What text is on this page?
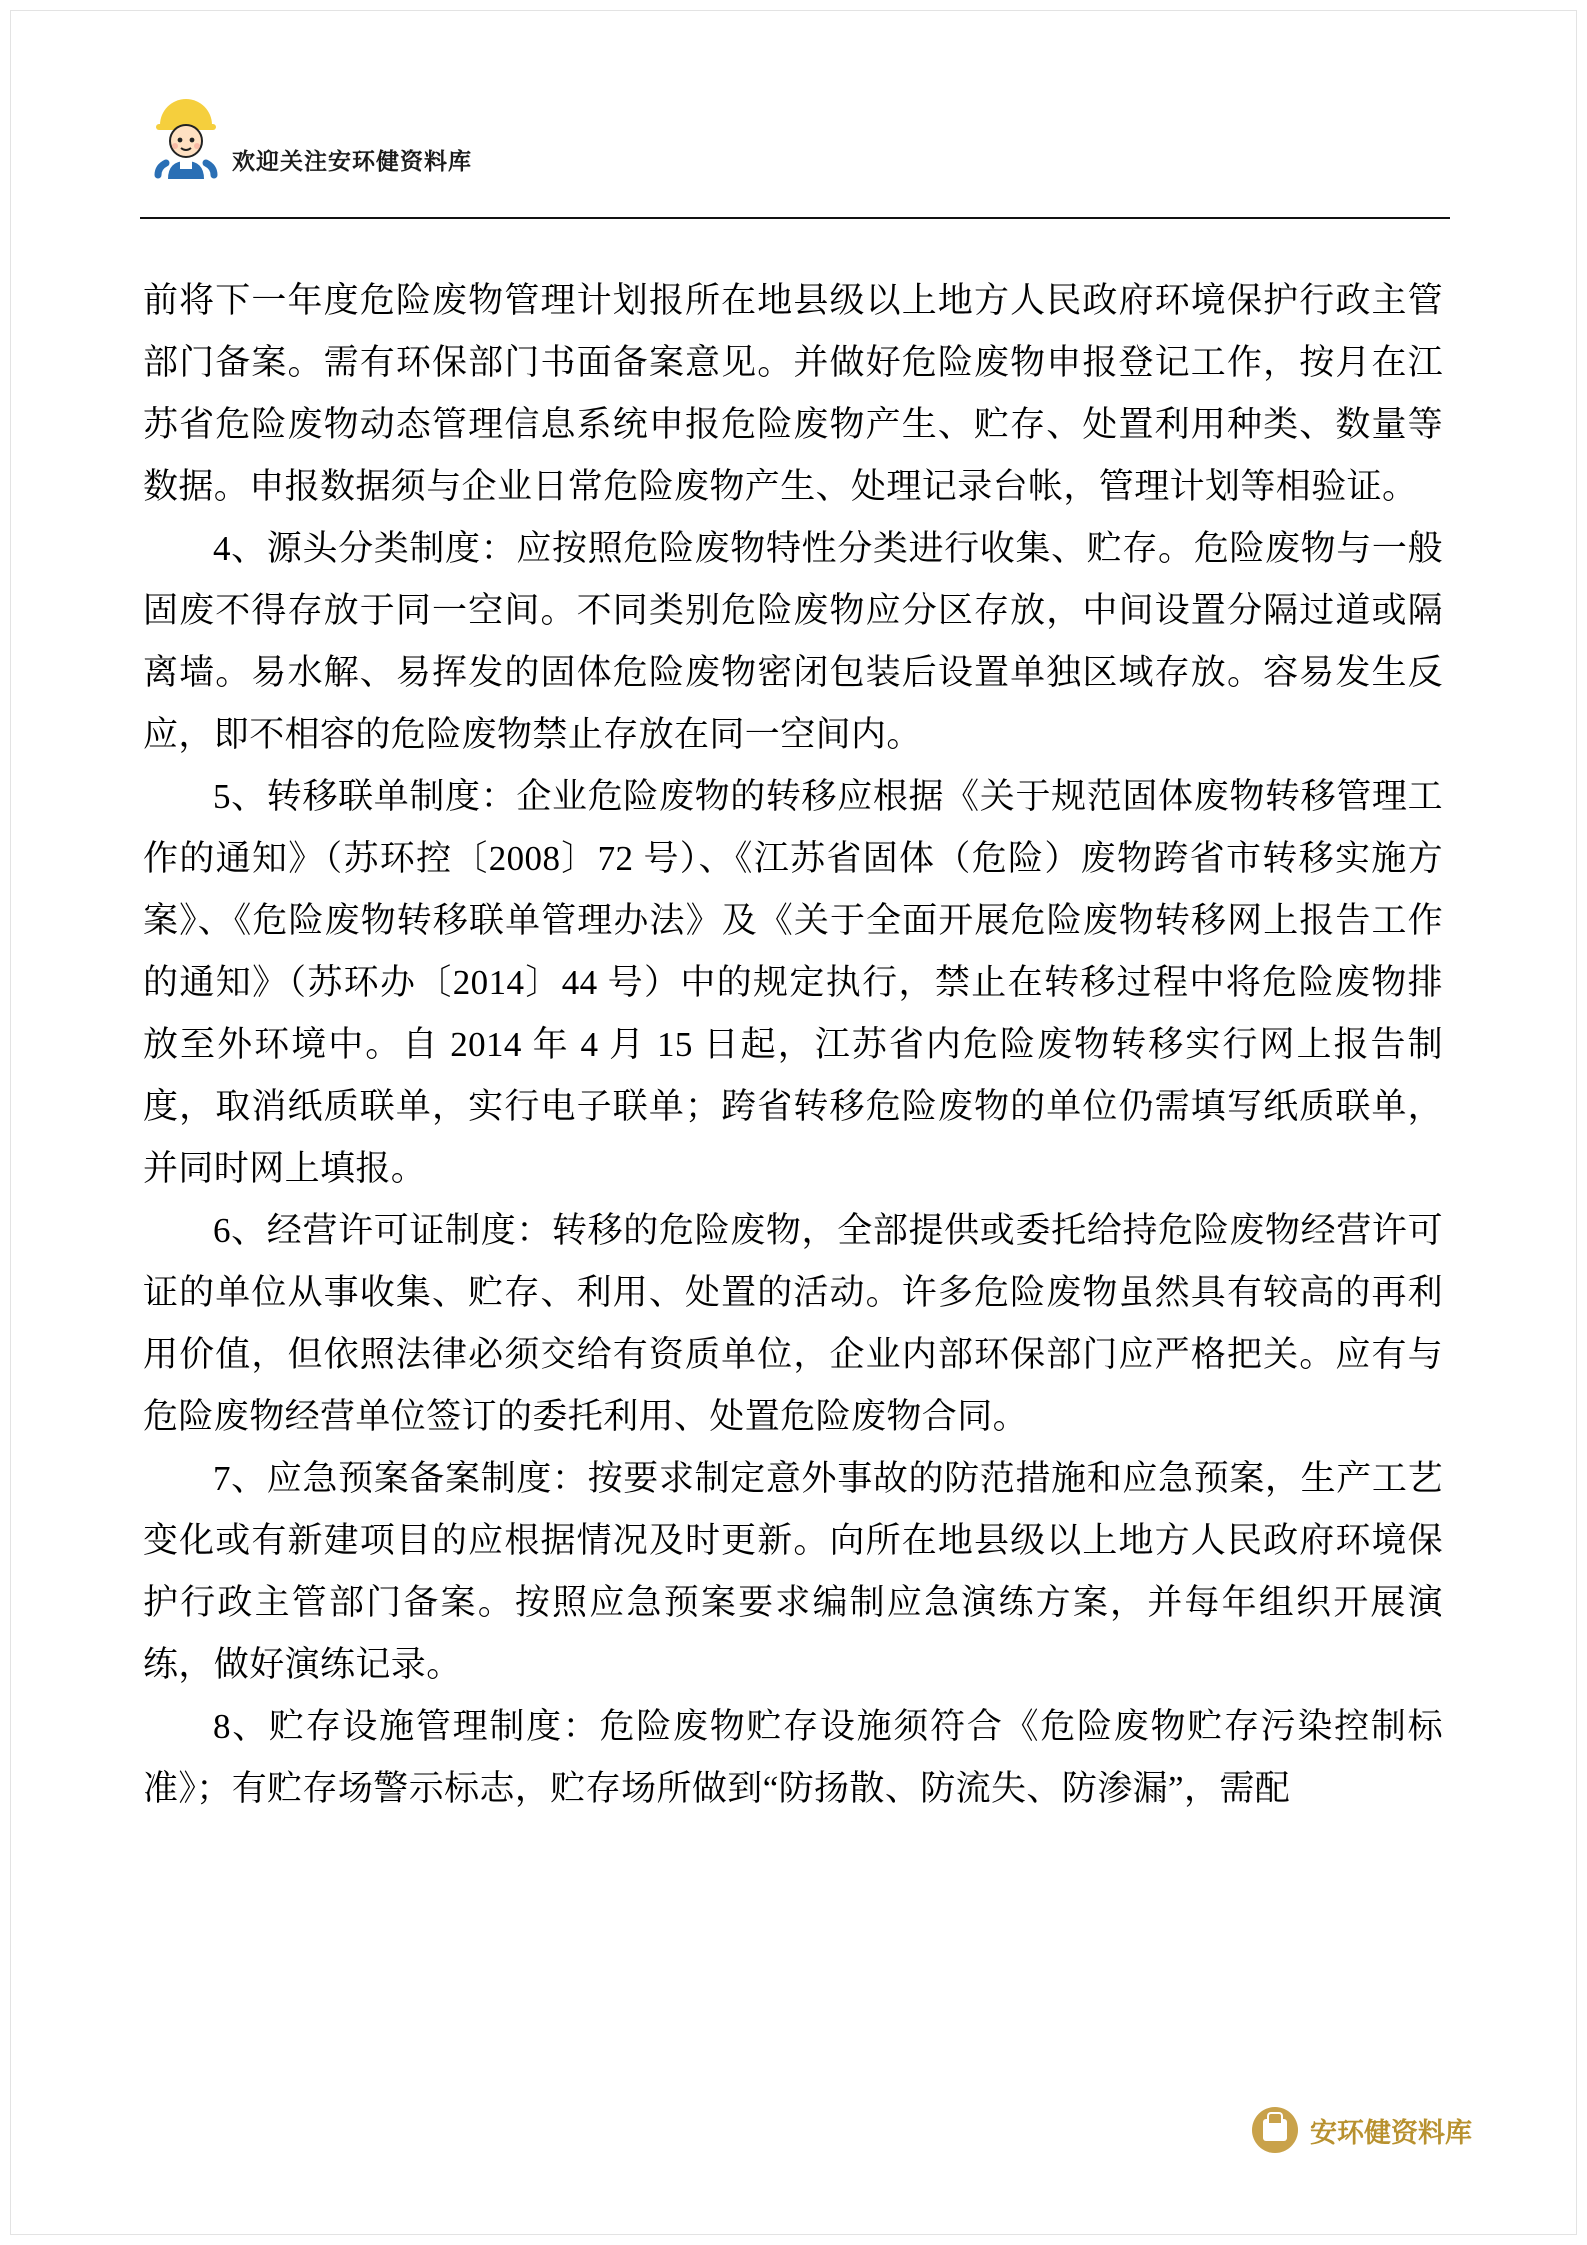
欢迎关注安环健资料库

前将下一年度危险废物管理计划报所在地县级以上地方人民政府环境保护行政主管部门备案。需有环保部门书面备案意见。并做好危险废物申报登记工作，按月在江苏省危险废物动态管理信息系统申报危险废物产生、贮存、处置利用种类、数量等数据。申报数据须与企业日常危险废物产生、处理记录台帐，管理计划等相验证。

4、源头分类制度：应按照危险废物特性分类进行收集、贮存。危险废物与一般固废不得存放于同一空间。不同类别危险废物应分区存放，中间设置分隔过道或隔离墙。易水解、易挥发的固体危险废物密闭包装后设置单独区域存放。容易发生反应，即不相容的危险废物禁止存放在同一空间内。

5、转移联单制度：企业危险废物的转移应根据《关于规范固体废物转移管理工作的通知》（苏环控〔2008〕72 号）、《江苏省固体（危险）废物跨省市转移实施方案》、《危险废物转移联单管理办法》及《关于全面开展危险废物转移网上报告工作的通知》（苏环办〔2014〕44 号）中的规定执行，禁止在转移过程中将危险废物排放至外环境中。自 2014 年 4 月 15 日起，江苏省内危险废物转移实行网上报告制度，取消纸质联单，实行电子联单；跨省转移危险废物的单位仍需填写纸质联单，并同时网上填报。

6、经营许可证制度：转移的危险废物，全部提供或委托给持危险废物经营许可证的单位从事收集、贮存、利用、处置的活动。许多危险废物虽然具有较高的再利用价值，但依照法律必须交给有资质单位，企业内部环保部门应严格把关。应有与危险废物经营单位签订的委托利用、处置危险废物合同。

7、应急预案备案制度：按要求制定意外事故的防范措施和应急预案，生产工艺变化或有新建项目的应根据情况及时更新。向所在地县级以上地方人民政府环境保护行政主管部门备案。按照应急预案要求编制应急演练方案，并每年组织开展演练，做好演练记录。

8、贮存设施管理制度：危险废物贮存设施须符合《危险废物贮存污染控制标准》；有贮存场警示标志，贮存场所做到“防扬散、防流失、防渗漏”，需配

安环健资料库
